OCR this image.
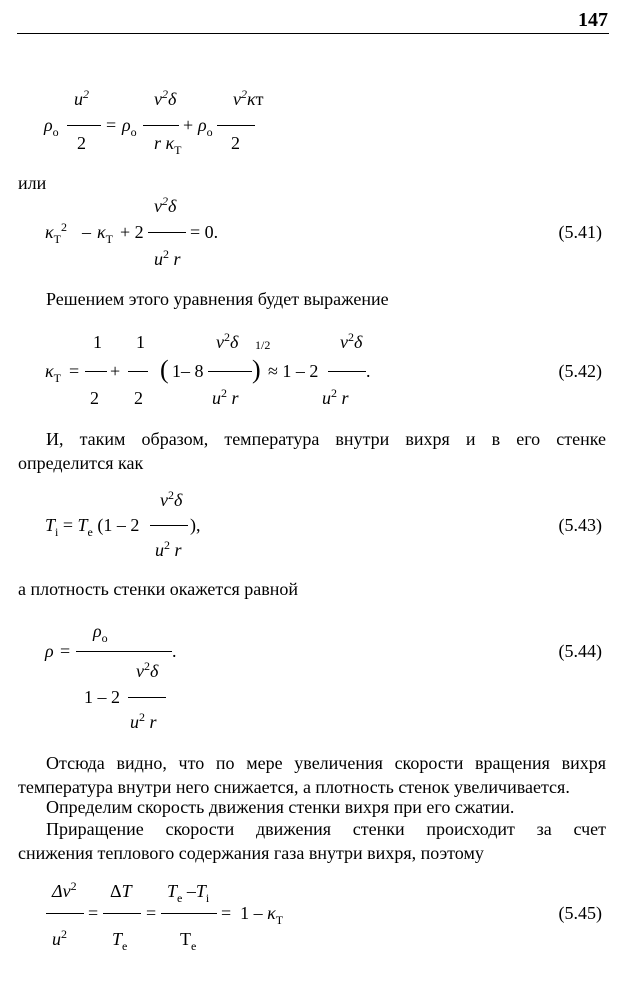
147
$u^2$
$\rho_о$	= $\rho_о$
2
$v^2\delta$
r $\kappa_Т$
+ $\rho_о$
$v^2\kappa т$
2
или
$v^2\delta$
$\kappa_Т^2 - \kappa_Т + 2$	= 0.
$u^2$ r
(5.41)
Решением этого уравнения будет выражение
1 1	$v^2\delta$ 1/2	$v^2\delta$
$\kappa_Т$ = + ( 1– 8 ) ≈ 1 – 2	.
2 2	$u^2$ r	$u^2$ r
(5.42)
И, таким образом, температура внутри вихря и в его стенке
определится как
$v^2\delta$
$T_i = T_е$ (1 – 2	),
$u^2$ r
(5.43)
а плотность стенки окажется равной
$\rho_о$
ρ =	.
$v^2\delta$
1 – 2
$u^2$ r
(5.44)
Отсюда видно, что по мере увеличения скорости вращения вихря
температура внутри него снижается, а плотность стенок увеличивается.
Определим скорость движения стенки вихря при его сжатии.
Приращение скорости движения стенки происходит за счет
снижения теплового содержания газа внутри вихря, поэтому
$\Delta v^2$ ΔT $T_е$ $-T_i$
=	=	=  $1 - \kappa_Т$
$u^2$	$T_е$	$Т_е$
(5.45)
